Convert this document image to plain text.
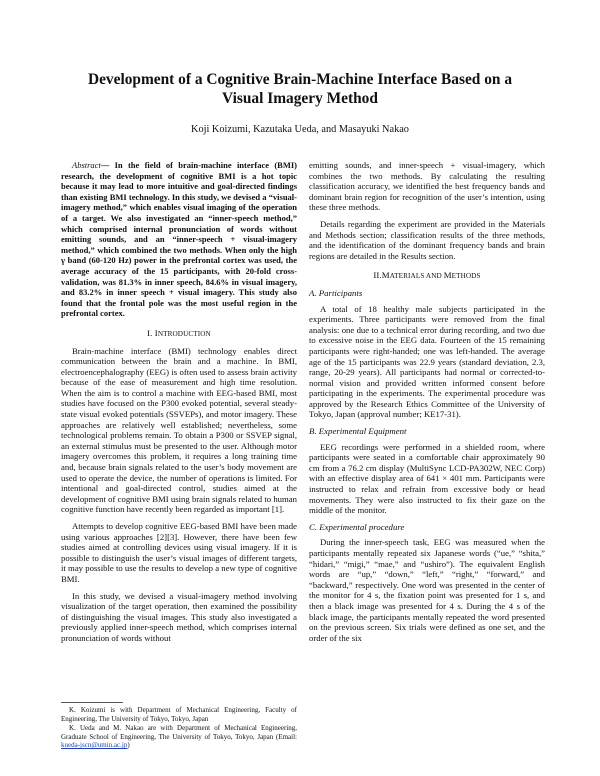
Development of a Cognitive Brain-Machine Interface Based on a
Visual Imagery Method

Koji Koizumi, Kazutaka Ueda, and Masayuki Nakao

Abstract— In the field of brain-machine interface (BMI) research, the development of cognitive BMI is a hot topic because it may lead to more intuitive and goal-directed findings than existing BMI technology. In this study, we devised a “visual-imagery method,” which enables visual imaging of the operation of a target. We also investigated an “inner-speech method,” which comprised internal pronunciation of words without emitting sounds, and an “inner-speech + visual-imagery method,” which combined the two methods. When only the high γ band (60-120 Hz) power in the prefrontal cortex was used, the average accuracy of the 15 participants, with 20-fold cross-validation, was 81.3% in inner speech, 84.6% in visual imagery, and 83.2% in inner speech + visual imagery. This study also found that the frontal pole was the most useful region in the prefrontal cortex.

I. INTRODUCTION

Brain-machine interface (BMI) technology enables direct communication between the brain and a machine. In BMI, electroencephalography (EEG) is often used to assess brain activity because of the ease of measurement and high time resolution. When the aim is to control a machine with EEG-based BMI, most studies have focused on the P300 evoked potential, several steady-state visual evoked potentials (SSVEPs), and motor imagery. These approaches are relatively well established; nevertheless, some technological problems remain. To obtain a P300 or SSVEP signal, an external stimulus must be presented to the user. Although motor imagery overcomes this problem, it requires a long training time and, because brain signals related to the user’s body movement are used to operate the device, the number of operations is limited. For intentional and goal-directed control, studies aimed at the development of cognitive BMI using brain signals related to human cognitive function have recently been regarded as important [1].

Attempts to develop cognitive EEG-based BMI have been made using various approaches [2][3]. However, there have been few studies aimed at controlling devices using visual imagery. If it is possible to distinguish the user’s visual images of different targets, it may possible to use the results to develop a new type of cognitive BMI.

In this study, we devised a visual-imagery method involving visualization of the target operation, then examined the possibility of distinguishing the visual images. This study also investigated a previously applied inner-speech method, which comprises internal pronunciation of words without

emitting sounds, and inner-speech + visual-imagery, which combines the two methods. By calculating the resulting classification accuracy, we identified the best frequency bands and dominant brain region for recognition of the user’s intention, using these three methods.

Details regarding the experiment are provided in the Materials and Methods section; classification results of the three methods, and the identification of the dominant frequency bands and brain regions are detailed in the Results section.

II.MATERIALS AND METHODS
A. Participants

A total of 18 healthy male subjects participated in the experiments. Three participants were removed from the final analysis: one due to a technical error during recording, and two due to excessive noise in the EEG data. Fourteen of the 15 remaining participants were right-handed; one was left-handed. The average age of the 15 participants was 22.9 years (standard deviation, 2.3, range, 20-29 years). All participants had normal or corrected-to-normal vision and provided written informed consent before participating in the experiments. The experimental procedure was approved by the Research Ethics Committee of the University of Tokyo, Japan (approval number; KE17-31).

B. Experimental Equipment

EEG recordings were performed in a shielded room, where participants were seated in a comfortable chair approximately 90 cm from a 76.2 cm display (MultiSync LCD-PA302W, NEC Corp) with an effective display area of 641 × 401 mm. Participants were instructed to relax and refrain from excessive body or head movements. They were also instructed to fix their gaze on the middle of the monitor.

C. Experimental procedure

During the inner-speech task, EEG was measured when the participants mentally repeated six Japanese words (“ue,” “shita,” “hidari,” “migi,” “mae,” and “ushiro”). The equivalent English words are “up,” “down,” “left,” “right,” “forward,” and “backward,” respectively. One word was presented in the center of the monitor for 4 s, the fixation point was presented for 1 s, and then a black image was presented for 4 s. During the 4 s of the black image, the participants mentally repeated the word presented on the previous screen. Six trials were defined as one set, and the order of the six

K. Koizumi is with Department of Mechanical Engineering, Faculty of Engineering, The University of Tokyo, Tokyo, Japan

K. Ueda and M. Nakao are with Department of Mechanical Engineering, Graduate School of Engineering, The University of Tokyo, Tokyo, Japan (Email: kueda-jscn@umin.ac.jp)
